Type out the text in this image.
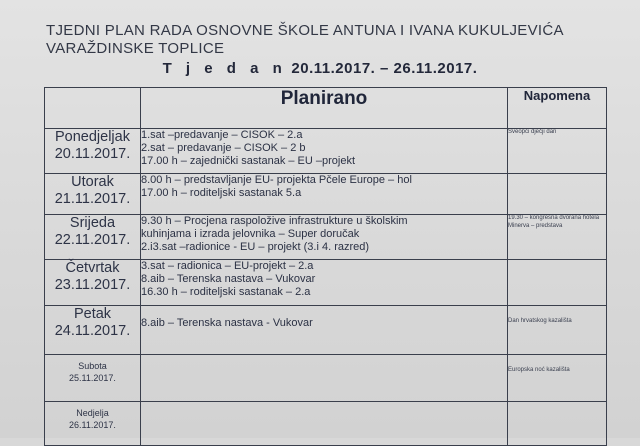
TJEDNI PLAN RADA OSNOVNE ŠKOLE ANTUNA I IVANA KUKULJEVIĆA
VARAŽDINSKE TOPLICE
T j e d a n 20.11.2017. – 26.11.2017.
	Planirano	Napomena

Ponedjeljak
20.11.2017.	1.sat –predavanje – CISOK – 2.a
2.sat – predavanje – CISOK – 2 b
17.00 h – zajednički sastanak – EU –projekt	Sveopći dječji dan

Utorak
21.11.2017.	8.00 h – predstavljanje EU- projekta Pčele Europe – hol
17.00 h – roditeljski sastanak 5.a	

Srijeda
22.11.2017.	9.30 h – Procjena raspoložive infrastrukture u školskim
kuhinjama i izrada jelovnika – Super doručak
2.i3.sat –radionice - EU – projekt (3.i 4. razred)	19.30 – kongresna dvorana hotela Minerva – predstava

Četvrtak
23.11.2017.	3.sat – radionica – EU-projekt – 2.a
8.aib – Terenska nastava – Vukovar
16.30 h – roditeljski sastanak – 2.a	

Petak
24.11.2017.	8.aib – Terenska nastava - Vukovar	Dan hrvatskog kazališta

Subota
25.11.2017.		Europska noć kazališta

Nedjelja
26.11.2017.		
